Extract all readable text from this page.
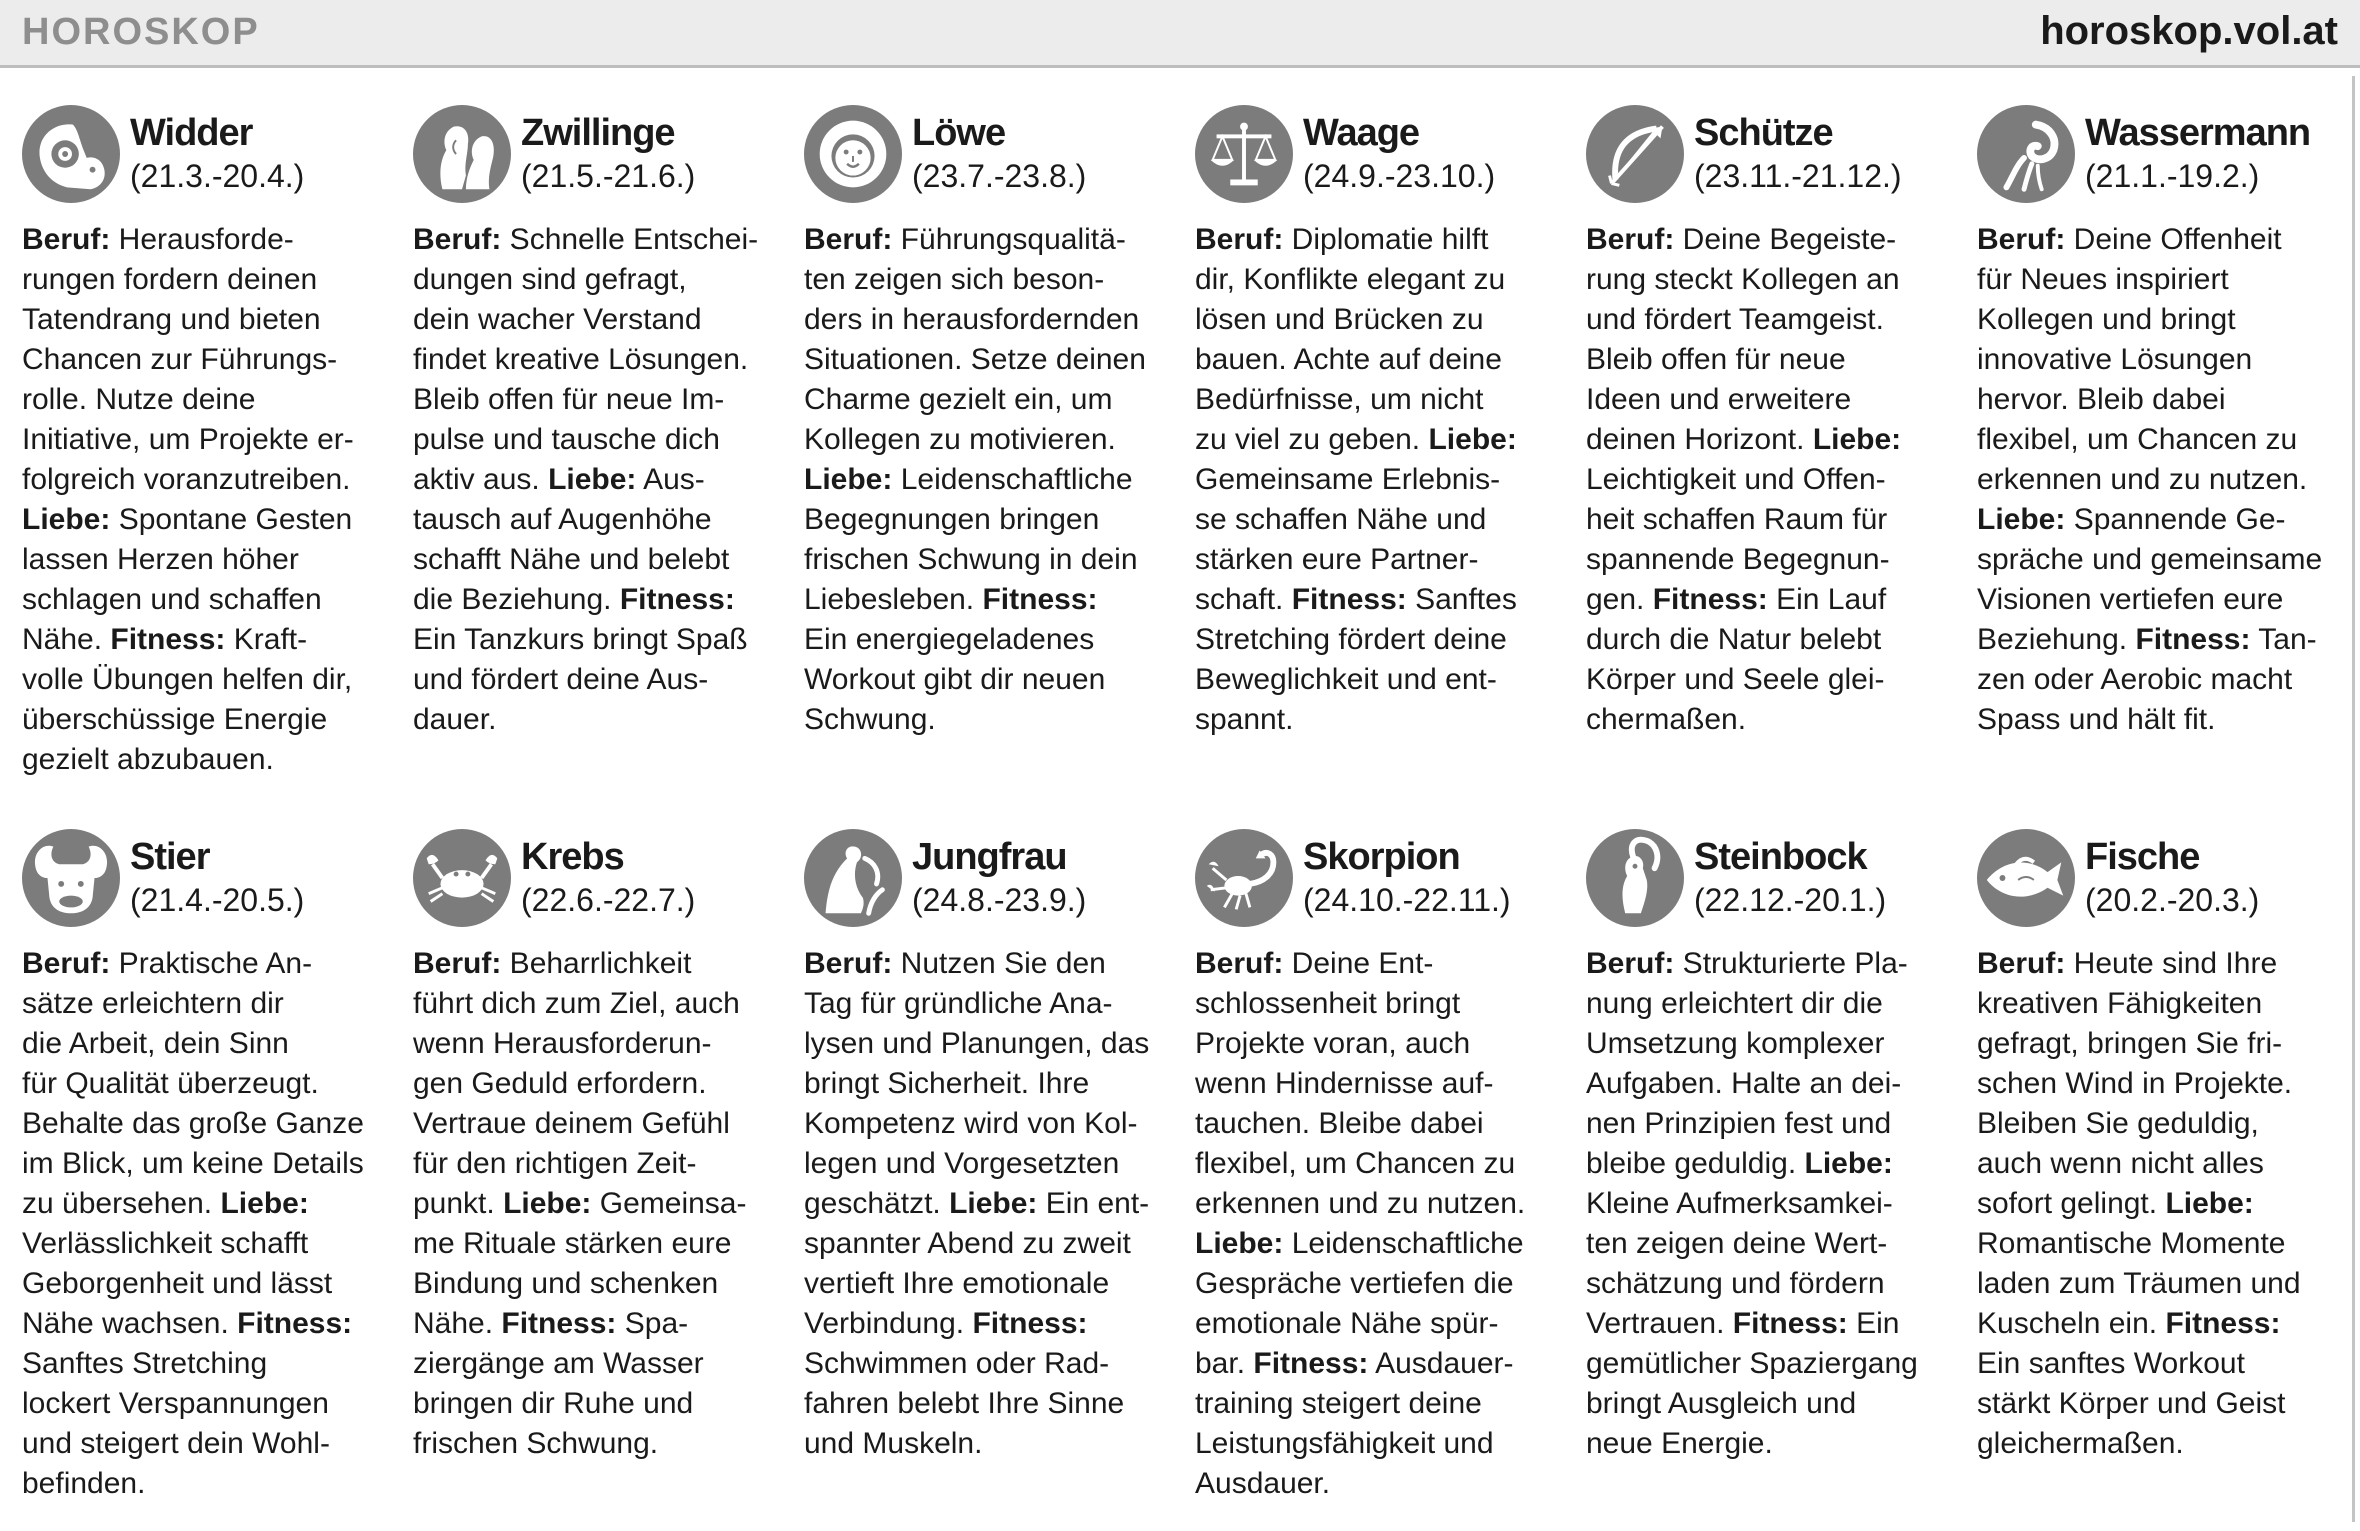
HOROSKOP	horoskop.vol.at
Widder
(21.3.-20.4.)
Beruf: Herausforde-
rungen fordern deinen
Tatendrang und bieten
Chancen zur Führungs-
rolle. Nutze deine
Initiative, um Projekte er-
folgreich voranzutreiben.
Liebe: Spontane Gesten
lassen Herzen höher
schlagen und schaffen
Nähe. Fitness: Kraft-
volle Übungen helfen dir,
überschüssige Energie
gezielt abzubauen.
Zwillinge
(21.5.-21.6.)
Beruf: Schnelle Entschei-
dungen sind gefragt,
dein wacher Verstand
findet kreative Lösungen.
Bleib offen für neue Im-
pulse und tausche dich
aktiv aus. Liebe: Aus-
tausch auf Augenhöhe
schafft Nähe und belebt
die Beziehung. Fitness:
Ein Tanzkurs bringt Spaß
und fördert deine Aus-
dauer.
Löwe
(23.7.-23.8.)
Beruf: Führungsqualitä-
ten zeigen sich beson-
ders in herausfordernden
Situationen. Setze deinen
Charme gezielt ein, um
Kollegen zu motivieren.
Liebe: Leidenschaftliche
Begegnungen bringen
frischen Schwung in dein
Liebesleben. Fitness:
Ein energiegeladenes
Workout gibt dir neuen
Schwung.
Waage
(24.9.-23.10.)
Beruf: Diplomatie hilft
dir, Konflikte elegant zu
lösen und Brücken zu
bauen. Achte auf deine
Bedürfnisse, um nicht
zu viel zu geben. Liebe:
Gemeinsame Erlebnis-
se schaffen Nähe und
stärken eure Partner-
schaft. Fitness: Sanftes
Stretching fördert deine
Beweglichkeit und ent-
spannt.
Schütze
(23.11.-21.12.)
Beruf: Deine Begeiste-
rung steckt Kollegen an
und fördert Teamgeist.
Bleib offen für neue
Ideen und erweitere
deinen Horizont. Liebe:
Leichtigkeit und Offen-
heit schaffen Raum für
spannende Begegnun-
gen. Fitness: Ein Lauf
durch die Natur belebt
Körper und Seele glei-
chermaßen.
Wassermann
(21.1.-19.2.)
Beruf: Deine Offenheit
für Neues inspiriert
Kollegen und bringt
innovative Lösungen
hervor. Bleib dabei
flexibel, um Chancen zu
erkennen und zu nutzen.
Liebe: Spannende Ge-
spräche und gemeinsame
Visionen vertiefen eure
Beziehung. Fitness: Tan-
zen oder Aerobic macht
Spass und hält fit.
Stier
(21.4.-20.5.)
Beruf: Praktische An-
sätze erleichtern dir
die Arbeit, dein Sinn
für Qualität überzeugt.
Behalte das große Ganze
im Blick, um keine Details
zu übersehen. Liebe:
Verlässlichkeit schafft
Geborgenheit und lässt
Nähe wachsen. Fitness:
Sanftes Stretching
lockert Verspannungen
und steigert dein Wohl-
befinden.
Krebs
(22.6.-22.7.)
Beruf: Beharrlichkeit
führt dich zum Ziel, auch
wenn Herausforderun-
gen Geduld erfordern.
Vertraue deinem Gefühl
für den richtigen Zeit-
punkt. Liebe: Gemeinsa-
me Rituale stärken eure
Bindung und schenken
Nähe. Fitness: Spa-
ziergänge am Wasser
bringen dir Ruhe und
frischen Schwung.
Jungfrau
(24.8.-23.9.)
Beruf: Nutzen Sie den
Tag für gründliche Ana-
lysen und Planungen, das
bringt Sicherheit. Ihre
Kompetenz wird von Kol-
legen und Vorgesetzten
geschätzt. Liebe: Ein ent-
spannter Abend zu zweit
vertieft Ihre emotionale
Verbindung. Fitness:
Schwimmen oder Rad-
fahren belebt Ihre Sinne
und Muskeln.
Skorpion
(24.10.-22.11.)
Beruf: Deine Ent-
schlossenheit bringt
Projekte voran, auch
wenn Hindernisse auf-
tauchen. Bleibe dabei
flexibel, um Chancen zu
erkennen und zu nutzen.
Liebe: Leidenschaftliche
Gespräche vertiefen die
emotionale Nähe spür-
bar. Fitness: Ausdauer-
training steigert deine
Leistungsfähigkeit und
Ausdauer.
Steinbock
(22.12.-20.1.)
Beruf: Strukturierte Pla-
nung erleichtert dir die
Umsetzung komplexer
Aufgaben. Halte an dei-
nen Prinzipien fest und
bleibe geduldig. Liebe:
Kleine Aufmerksamkei-
ten zeigen deine Wert-
schätzung und fördern
Vertrauen. Fitness: Ein
gemütlicher Spaziergang
bringt Ausgleich und
neue Energie.
Fische
(20.2.-20.3.)
Beruf: Heute sind Ihre
kreativen Fähigkeiten
gefragt, bringen Sie fri-
schen Wind in Projekte.
Bleiben Sie geduldig,
auch wenn nicht alles
sofort gelingt. Liebe:
Romantische Momente
laden zum Träumen und
Kuscheln ein. Fitness:
Ein sanftes Workout
stärkt Körper und Geist
gleichermaßen.
